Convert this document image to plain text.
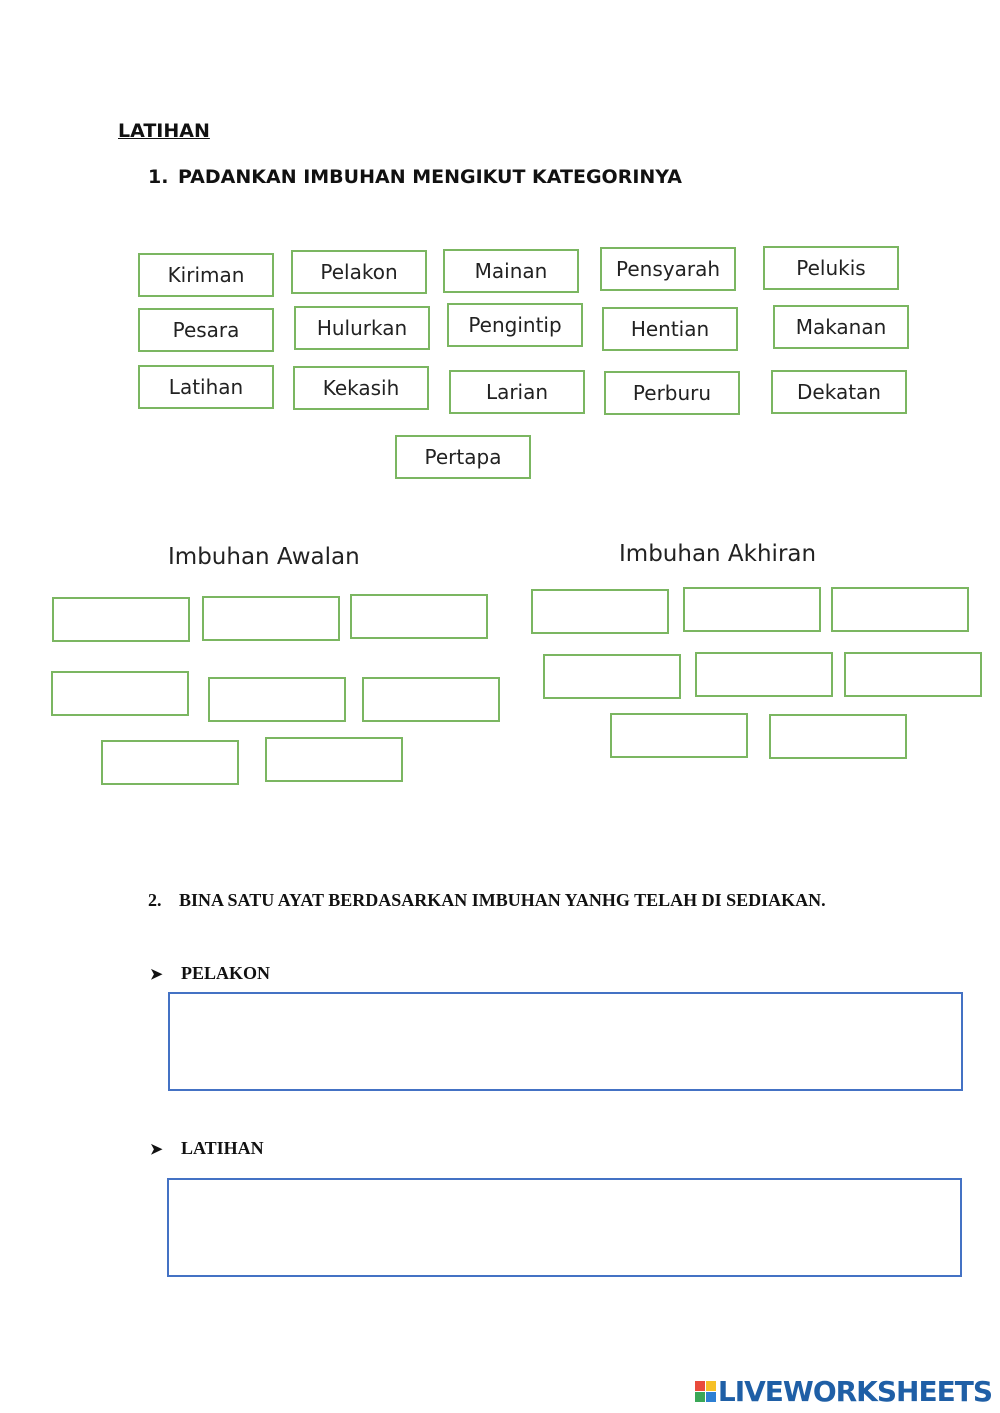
LATIHAN
1. PADANKAN IMBUHAN MENGIKUT KATEGORINYA
Kiriman	Pelakon	Mainan	Pensyarah	Pelukis
Pesara	Hulurkan	Pengintip	Hentian	Makanan
Latihan	Kekasih	Larian	Perburu	Dekatan
Pertapa
Imbuhan Awalan	Imbuhan Akhiran
2. BINA SATU AYAT BERDASARKAN IMBUHAN YANHG TELAH DI SEDIAKAN.
➤ PELAKON
➤ LATIHAN
LIVEWORKSHEETS
